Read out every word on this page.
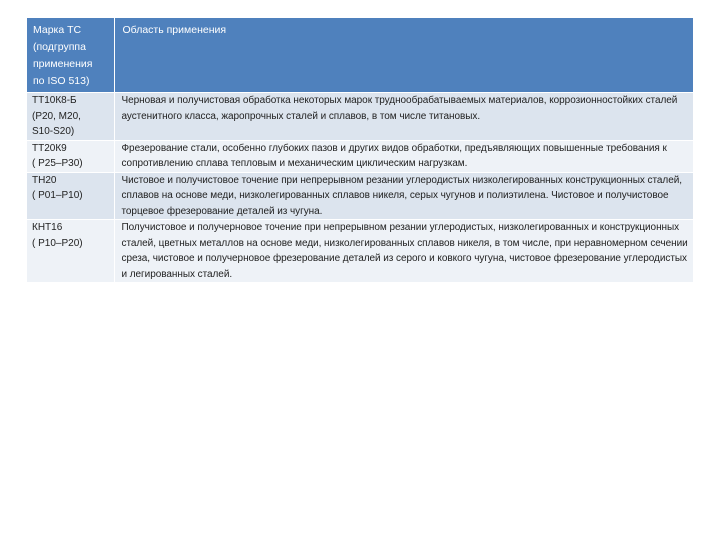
Марка ТС
(подгруппа
применения
по ISO 513)	Область применения

ТТ10К8-Б
(Р20, М20,
S10-S20)	Черновая и получистовая обработка некоторых марок труднообрабатываемых материалов, коррозионностойких сталей аустенитного класса, жаропрочных сталей и сплавов, в том числе титановых.

ТТ20К9
( Р25–Р30)	Фрезерование стали, особенно глубоких пазов и других видов обработки, предъявляющих повышенные требования к сопротивлению сплава тепловым и механическим циклическим нагрузкам.

ТН20
( Р01–Р10)	Чистовое и получистовое точение при непрерывном резании углеродистых низколегированных конструкционных сталей, сплавов на основе меди, низколегированных сплавов никеля, серых чугунов и полиэтилена. Чистовое и получистовое торцевое фрезерование деталей из чугуна.

КНТ16
( Р10–Р20)	Получистовое и получерновое точение при непрерывном резании углеродистых, низколегированных и конструкционных сталей, цветных металлов на основе меди, низколегированных сплавов никеля, в том числе, при неравномерном сечении среза, чистовое и получерновое фрезерование деталей из серого и ковкого чугуна, чистовое фрезерование углеродистых и легированных сталей.
